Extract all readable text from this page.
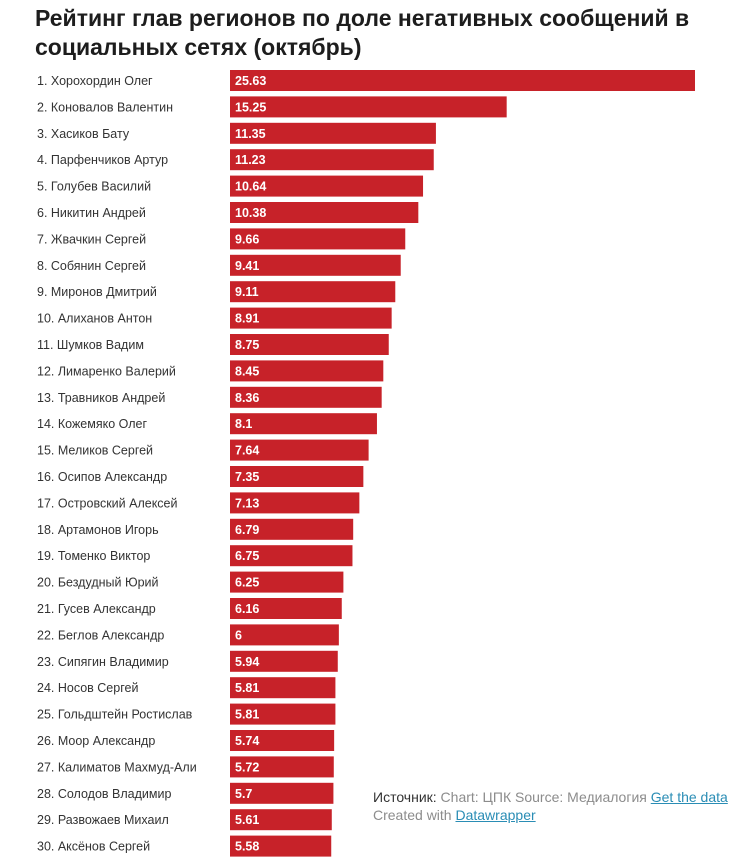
Рейтинг глав регионов по доле негативных сообщений в социальных сетях (октябрь)
1. Хорохордин Олег	25.63
2. Коновалов Валентин	15.25
3. Хасиков Бату	11.35
4. Парфенчиков Артур	11.23
5. Голубев Василий	10.64
6. Никитин Андрей	10.38
7. Жвачкин Сергей	9.66
8. Собянин Сергей	9.41
9. Миронов Дмитрий	9.11
10. Алиханов Антон	8.91
11. Шумков Вадим	8.75
12. Лимаренко Валерий	8.45
13. Травников Андрей	8.36
14. Кожемяко Олег	8.1
15. Меликов Сергей	7.64
16. Осипов Александр	7.35
17. Островский Алексей	7.13
18. Артамонов Игорь	6.79
19. Томенко Виктор	6.75
20. Бездудный Юрий	6.25
21. Гусев Александр	6.16
22. Беглов Александр	6
23. Сипягин Владимир	5.94
24. Носов Сергей	5.81
25. Гольдштейн Ростислав	5.81
26. Моор Александр	5.74
27. Калиматов Махмуд-Али	5.72
28. Солодов Владимир	5.7
29. Развожаев Михаил	5.61
30. Аксёнов Сергей	5.58
Источник: Chart: ЦПК Source: Медиалогия Get the data Created with Datawrapper
